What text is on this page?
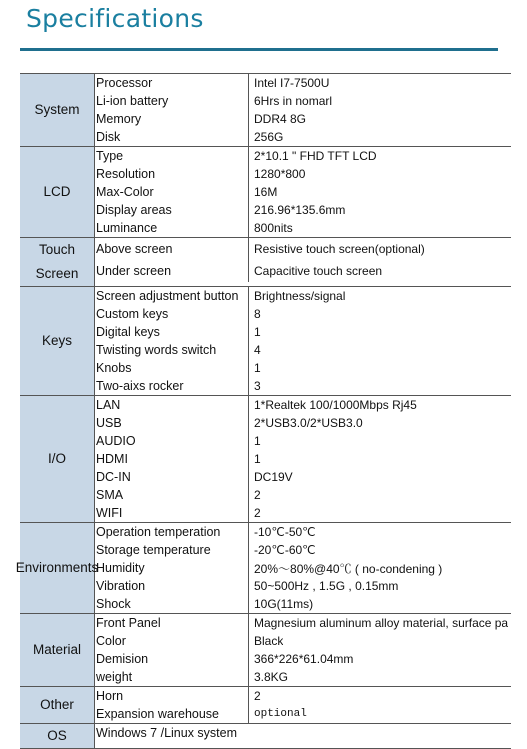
Specifications
System
Processor	Intel I7-7500U
Li-ion battery	6Hrs in nomarl
Memory	DDR4 8G
Disk	256G
LCD
Type	2*10.1 " FHD TFT LCD
Resolution	1280*800
Max-Color	16M
Display areas	216.96*135.6mm
Luminance	800nits
Touch Screen
Above screen	Resistive touch screen(optional)
Under screen	Capacitive touch screen
Keys
Screen adjustment button	Brightness/signal
Custom keys	8
Digital keys	1
Twisting words switch	4
Knobs	1
Two-aixs rocker	3
I/O
LAN	1*Realtek 100/1000Mbps Rj45
USB	2*USB3.0/2*USB3.0
AUDIO	1
HDMI	1
DC-IN	DC19V
SMA	2
WIFI	2
Environments
Operation temperation	-10℃-50℃
Storage temperature	-20℃-60℃
Humidity	20%～80%@40℃ ( no-condening )
Vibration	50~500Hz , 1.5G , 0.15mm
Shock	10G(11ms)
Material
Front Panel	Magnesium aluminum alloy material, surface pa
Color	Black
Demision	366*226*61.04mm
weight	3.8KG
Other
Horn	2
Expansion warehouse	optional
OS	Windows 7 /Linux system
